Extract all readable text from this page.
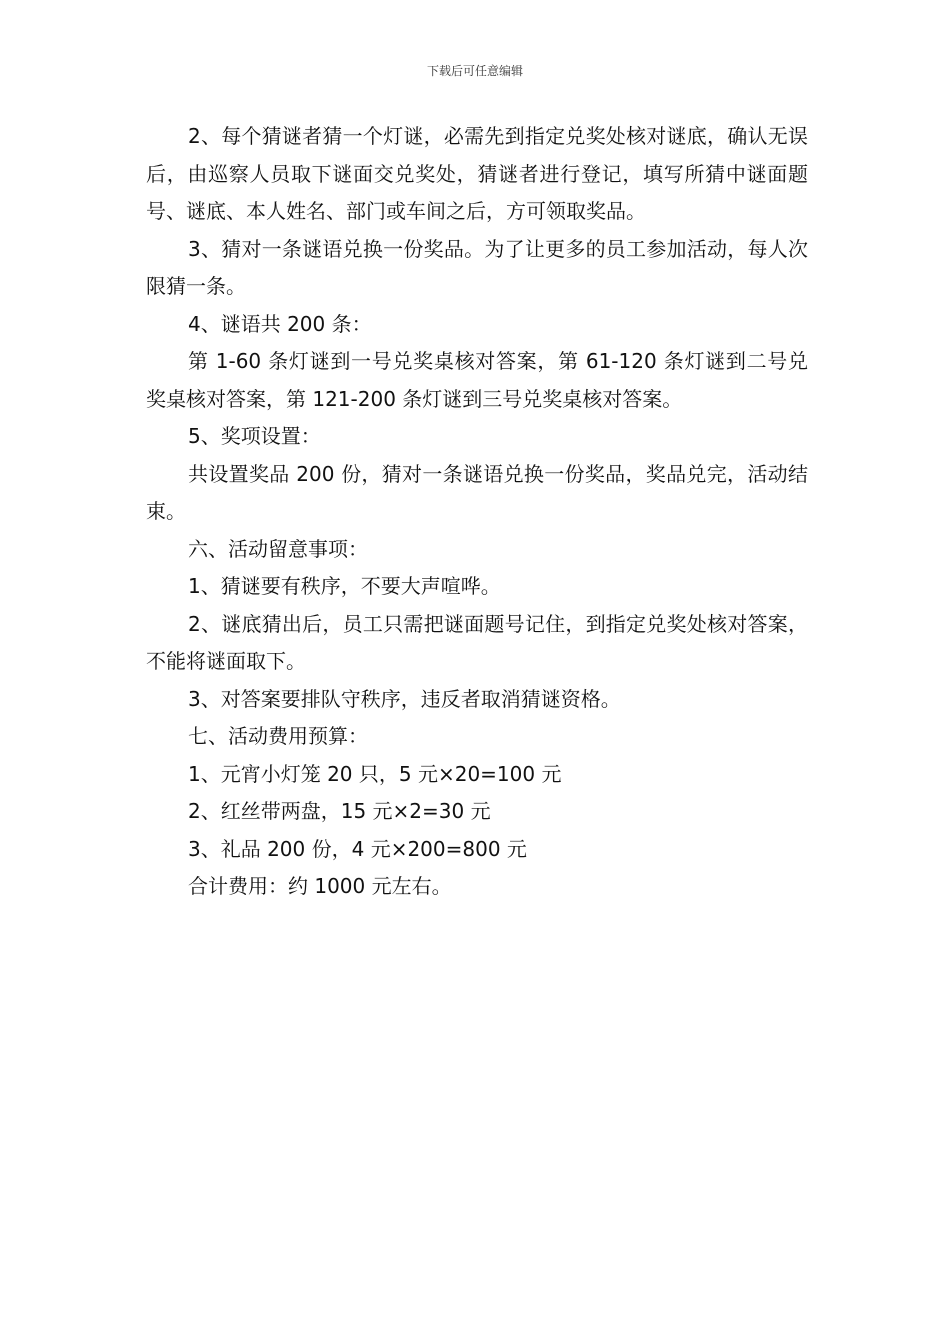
下载后可任意编辑

2、每个猜谜者猜一个灯谜，必需先到指定兑奖处核对谜底，确认无误后，由巡察人员取下谜面交兑奖处，猜谜者进行登记，填写所猜中谜面题号、谜底、本人姓名、部门或车间之后，方可领取奖品。

3、猜对一条谜语兑换一份奖品。为了让更多的员工参加活动，每人次限猜一条。

4、谜语共 200 条：

第 1-60 条灯谜到一号兑奖桌核对答案，第 61-120 条灯谜到二号兑奖桌核对答案，第 121-200 条灯谜到三号兑奖桌核对答案。

5、奖项设置：

共设置奖品 200 份，猜对一条谜语兑换一份奖品，奖品兑完，活动结束。

六、活动留意事项：

1、猜谜要有秩序，不要大声喧哗。

2、谜底猜出后，员工只需把谜面题号记住，到指定兑奖处核对答案，不能将谜面取下。

3、对答案要排队守秩序，违反者取消猜谜资格。

七、活动费用预算：

1、元宵小灯笼 20 只，5 元×20=100 元

2、红丝带两盘，15 元×2=30 元

3、礼品 200 份，4 元×200=800 元

合计费用：约 1000 元左右。
